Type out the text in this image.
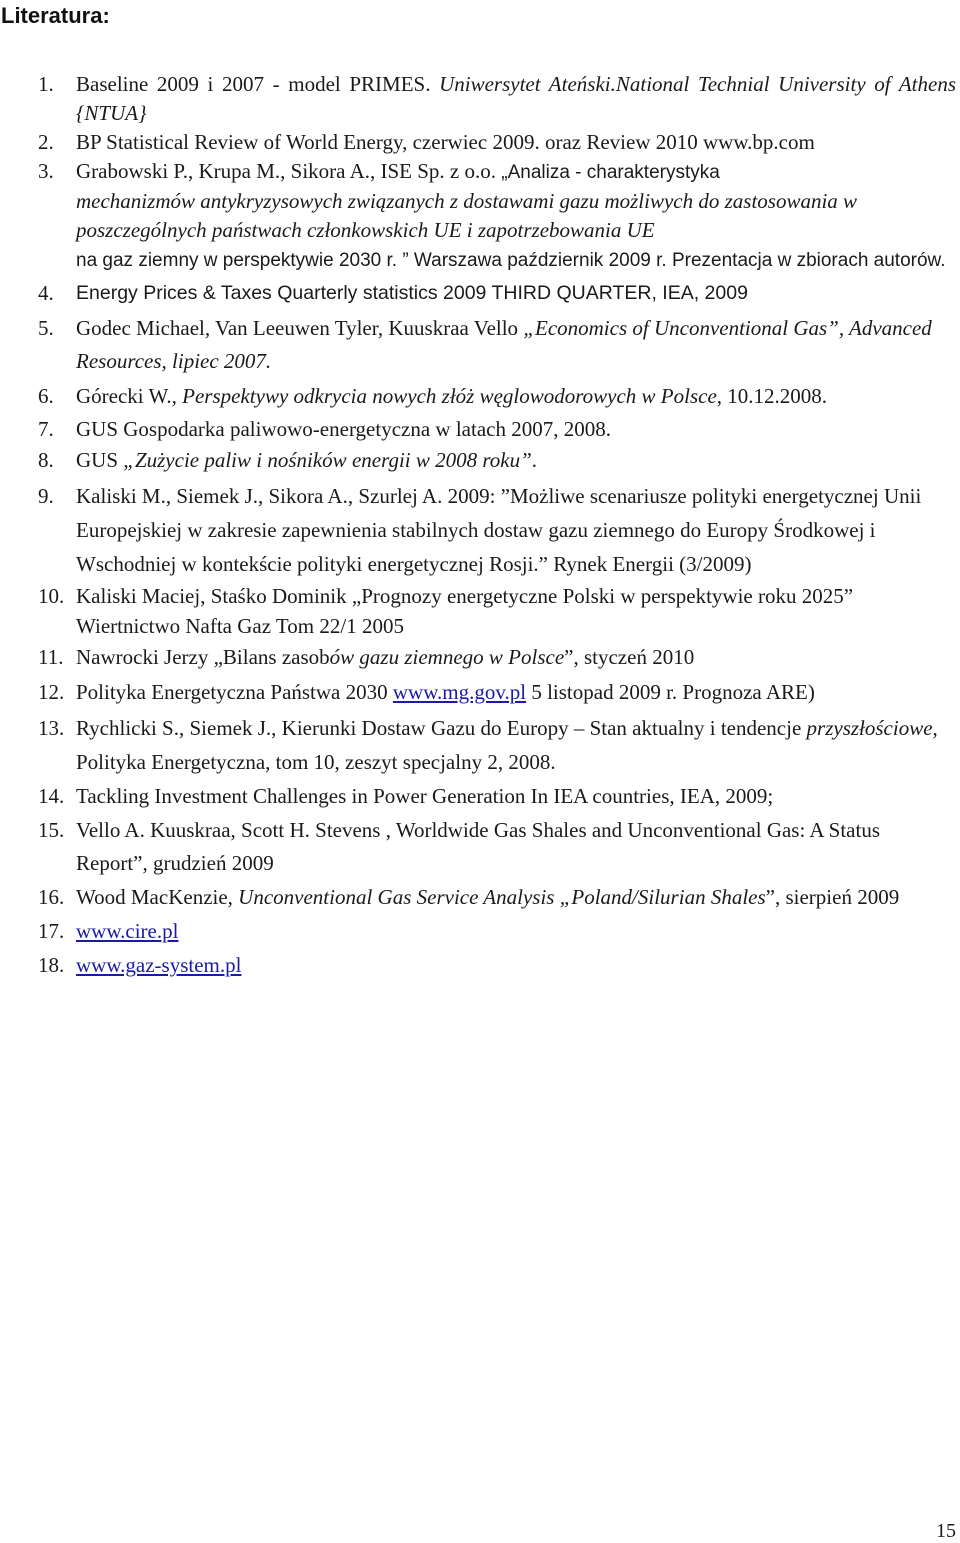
Literatura:
1.	Baseline 2009 i 2007 - model PRIMES. Uniwersytet Ateński.National Technial University of Athens {NTUA}
2.	BP Statistical Review of World Energy, czerwiec 2009. oraz Review 2010 www.bp.com
3.	Grabowski P., Krupa M., Sikora A., ISE Sp. z o.o. „Analiza - charakterystyka
mechanizmów antykryzysowych związanych z dostawami gazu możliwych do zastosowania w poszczególnych państwach członkowskich UE i zapotrzebowania UE
na gaz ziemny w perspektywie 2030 r. ” Warszawa październik 2009 r. Prezentacja w zbiorach autorów.
4.	Energy Prices & Taxes Quarterly statistics 2009 THIRD QUARTER, IEA, 2009
5.	Godec Michael, Van Leeuwen Tyler, Kuuskraa Vello „Economics of Unconventional Gas”, Advanced Resources, lipiec 2007.
6.	Górecki W., Perspektywy odkrycia nowych złóż węglowodorowych w Polsce, 10.12.2008.
7.	GUS Gospodarka paliwowo-energetyczna w latach 2007, 2008.
8.	GUS „Zużycie paliw i nośników energii w 2008 roku”.
9.	Kaliski M., Siemek J., Sikora A., Szurlej A. 2009: ”Możliwe scenariusze polityki energetycznej Unii Europejskiej w zakresie zapewnienia stabilnych dostaw gazu ziemnego do Europy Środkowej i Wschodniej w kontekście polityki energetycznej Rosji.” Rynek Energii (3/2009)
10. Kaliski Maciej, Staśko Dominik „Prognozy energetyczne Polski w perspektywie roku 2025” Wiertnictwo Nafta Gaz Tom 22/1 2005
11. Nawrocki Jerzy „Bilans zasobów gazu ziemnego w Polsce”, styczeń 2010
12. Polityka Energetyczna Państwa 2030 www.mg.gov.pl 5 listopad 2009 r. Prognoza ARE)
13. Rychlicki S., Siemek J., Kierunki Dostaw Gazu do Europy – Stan aktualny i tendencje przyszłościowe, Polityka Energetyczna, tom 10, zeszyt specjalny 2, 2008.
14. Tackling Investment Challenges in Power Generation In IEA countries, IEA, 2009;
15. Vello A. Kuuskraa, Scott H. Stevens , Worldwide Gas Shales and Unconventional Gas: A Status Report”, grudzień 2009
16. Wood MacKenzie, Unconventional Gas Service Analysis „Poland/Silurian Shales”, sierpień 2009
17. www.cire.pl
18. www.gaz-system.pl
15
